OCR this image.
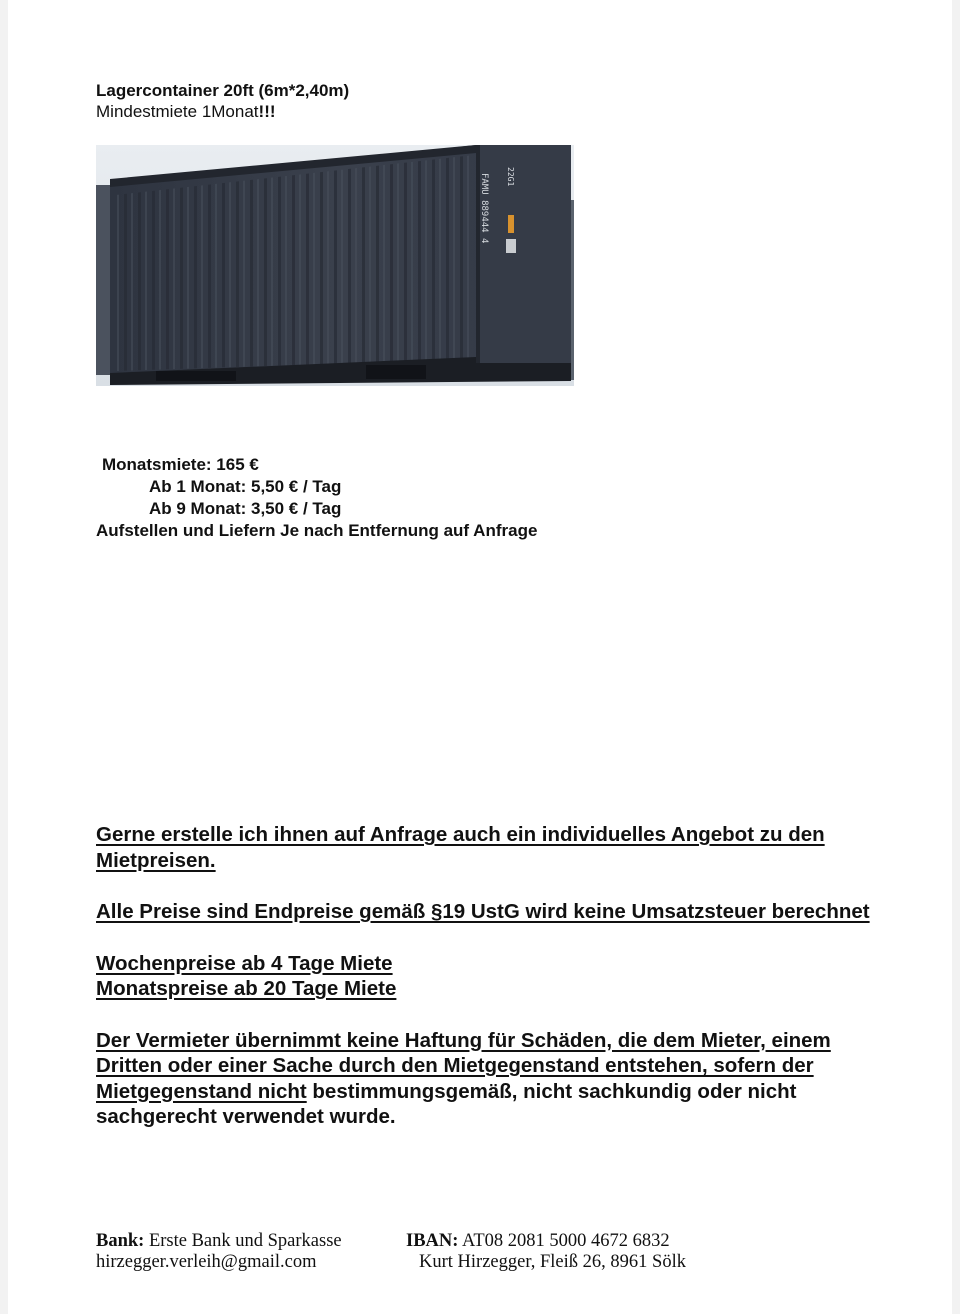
Lagercontainer 20ft (6m*2,40m)
Mindestmiete 1Monat!!!
FAMU 889444 4 22G1
Monatsmiete: 165 €
Ab 1 Monat: 5,50 € / Tag
Ab 9 Monat: 3,50 € / Tag
Aufstellen und Liefern Je nach Entfernung auf Anfrage

Gerne erstelle ich ihnen auf Anfrage auch ein individuelles Angebot zu den Mietpreisen.

Alle Preise sind Endpreise gemäß §19 UstG wird keine Umsatzsteuer berechnet

Wochenpreise ab 4 Tage Miete
Monatspreise ab 20 Tage Miete

Der Vermieter übernimmt keine Haftung für Schäden, die dem Mieter, einem Dritten oder einer Sache durch den Mietgegenstand entstehen, sofern der Mietgegenstand nicht bestimmungsgemäß, nicht sachkundig oder nicht sachgerecht verwendet wurde.

Bank: Erste Bank und Sparkasse
hirzegger.verleih@gmail.com
IBAN: AT08 2081 5000 4672 6832
Kurt Hirzegger, Fleiß 26, 8961 Sölk
